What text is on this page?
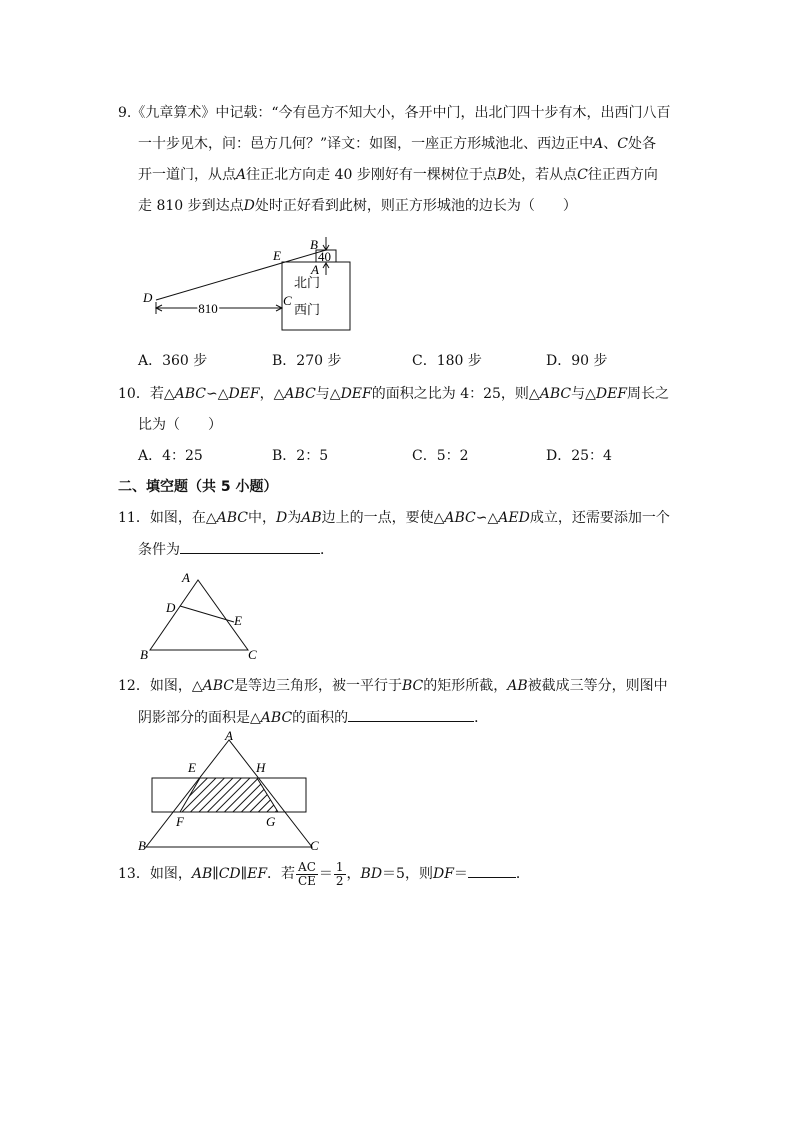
9.《九章算术》中记载：“今有邑方不知大小，各开中门，出北门四十步有木，出西门八百
一十步见木，问：邑方几何？”译文：如图，一座正方形城池北、西边正中A、C处各
开一道门，从点A往正北方向走 40 步刚好有一棵树位于点B处，若从点C往正西方向
走 810 步到达点D处时正好看到此树，则正方形城池的边长为（　　）
B
E	40
A
北门
西门
D	C
810
A．360 步	B．270 步	C．180 步	D．90 步
10．若△ABC∽△DEF，△ABC与△DEF的面积之比为 4：25，则△ABC与△DEF周长之
比为（　　）
A．4：25	B．2：5	C．5：2	D．25：4
二、填空题（共 5 小题）
11．如图，在△ABC中，D为AB边上的一点，要使△ABC∽△AED成立，还需要添加一个
条件为	．
A
D
E
B	C
12．如图，△ABC是等边三角形，被一平行于BC的矩形所截，AB被截成三等分，则图中
阴影部分的面积是△ABC的面积的	．
A
E	H
F	G
B	C
13．如图，AB∥CD∥EF．若 $\frac{AC}{CE} = \frac{1}{2}$ ，BD＝5，则DF＝	．
